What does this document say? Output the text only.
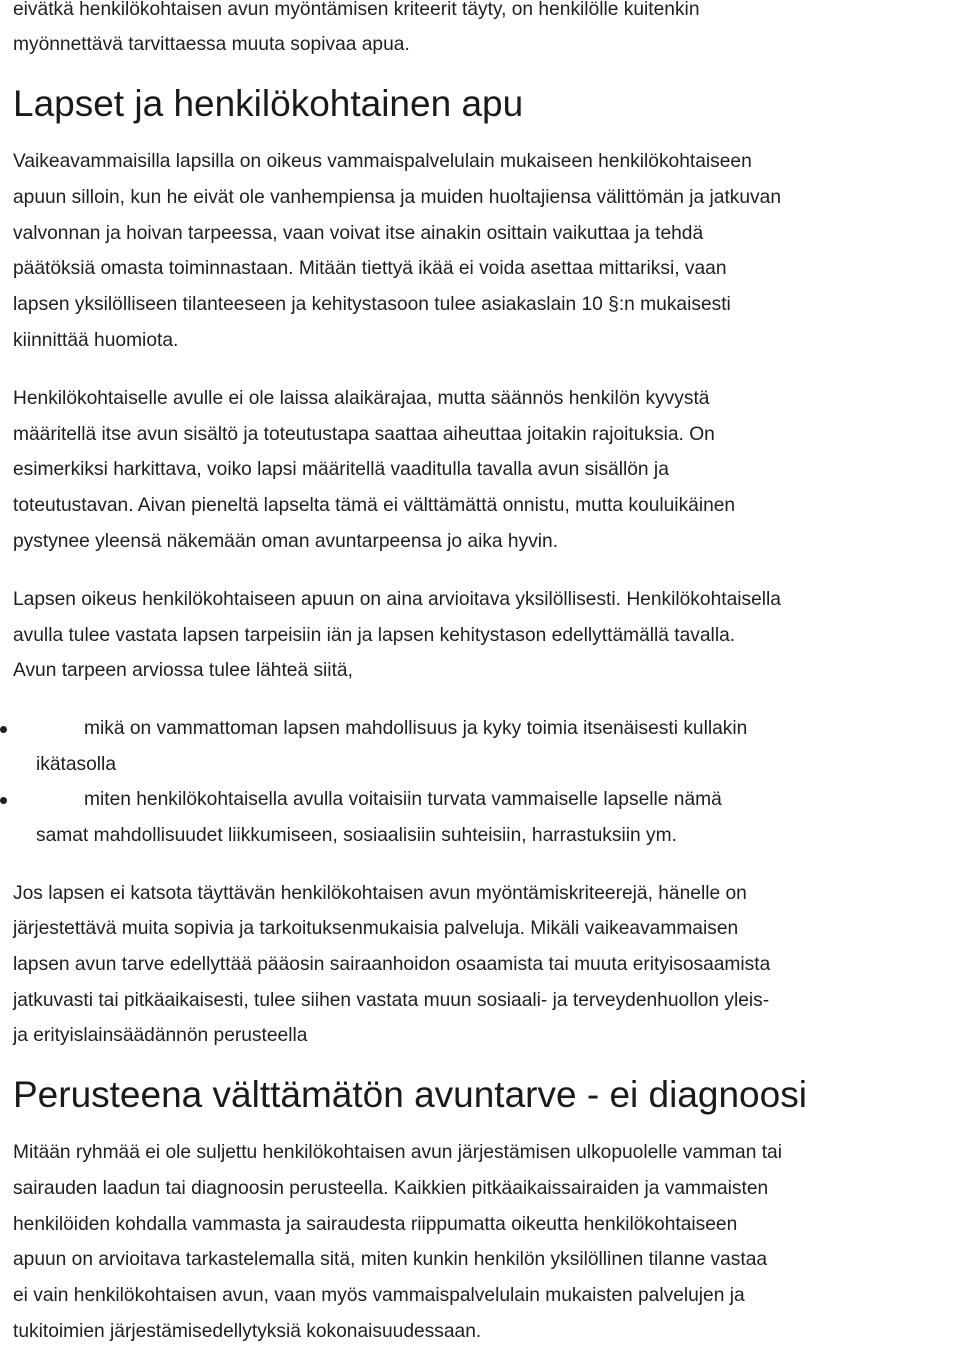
eivätkä henkilökohtaisen avun myöntämisen kriteerit täyty, on henkilölle kuitenkin
myönnettävä tarvittaessa muuta sopivaa apua.
Lapset ja henkilökohtainen apu
Vaikeavammaisilla lapsilla on oikeus vammaispalvelulain mukaiseen henkilökohtaiseen
apuun silloin, kun he eivät ole vanhempiensa ja muiden huoltajiensa välittömän ja jatkuvan
valvonnan ja hoivan tarpeessa, vaan voivat itse ainakin osittain vaikuttaa ja tehdä
päätöksiä omasta toiminnastaan. Mitään tiettyä ikää ei voida asettaa mittariksi, vaan
lapsen yksilölliseen tilanteeseen ja kehitystasoon tulee asiakaslain 10 §:n mukaisesti
kiinnittää huomiota.
Henkilökohtaiselle avulle ei ole laissa alaikärajaa, mutta säännös henkilön kyvystä
määritellä itse avun sisältö ja toteutustapa saattaa aiheuttaa joitakin rajoituksia. On
esimerkiksi harkittava, voiko lapsi määritellä vaaditulla tavalla avun sisällön ja
toteutustavan. Aivan pieneltä lapselta tämä ei välttämättä onnistu, mutta kouluikäinen
pystynee yleensä näkemään oman avuntarpeensa jo aika hyvin.
Lapsen oikeus henkilökohtaiseen apuun on aina arvioitava yksilöllisesti. Henkilökohtaisella
avulla tulee vastata lapsen tarpeisiin iän ja lapsen kehitystason edellyttämällä tavalla.
Avun tarpeen arviossa tulee lähteä siitä,
mikä on vammattoman lapsen mahdollisuus ja kyky toimia itsenäisesti kullakin
ikätasolla
miten henkilökohtaisella avulla voitaisiin turvata vammaiselle lapselle nämä
samat mahdollisuudet liikkumiseen, sosiaalisiin suhteisiin, harrastuksiin ym.
Jos lapsen ei katsota täyttävän henkilökohtaisen avun myöntämiskriteerejä, hänelle on
järjestettävä muita sopivia ja tarkoituksenmukaisia palveluja. Mikäli vaikeavammaisen
lapsen avun tarve edellyttää pääosin sairaanhoidon osaamista tai muuta erityisosaamista
jatkuvasti tai pitkäaikaisesti, tulee siihen vastata muun sosiaali- ja terveydenhuollon yleis-
ja erityislainsäädännön perusteella
Perusteena välttämätön avuntarve - ei diagnoosi
Mitään ryhmää ei ole suljettu henkilökohtaisen avun järjestämisen ulkopuolelle vamman tai
sairauden laadun tai diagnoosin perusteella. Kaikkien pitkäaikaissairaiden ja vammaisten
henkilöiden kohdalla vammasta ja sairaudesta riippumatta oikeutta henkilökohtaiseen
apuun on arvioitava tarkastelemalla sitä, miten kunkin henkilön yksilöllinen tilanne vastaa
ei vain henkilökohtaisen avun, vaan myös vammaispalvelulain mukaisten palvelujen ja
tukitoimien järjestämisedellytyksiä kokonaisuudessaan.
